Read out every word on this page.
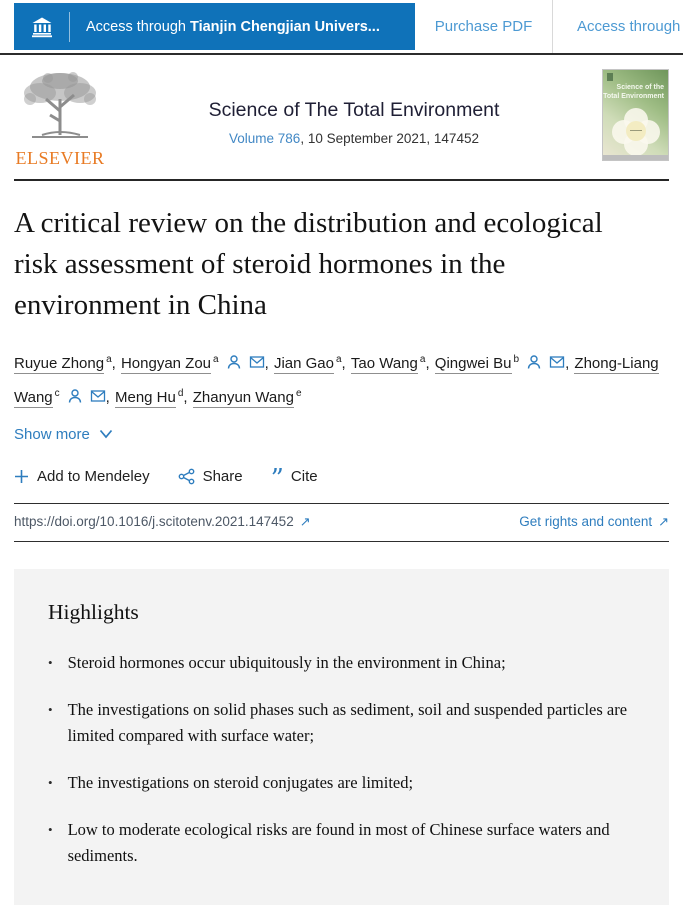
Access through Tianjin Chengjian Univers...	Purchase PDF	Access through
ELSEVIER
Science of The Total Environment
Volume 786, 10 September 2021, 147452
Science of the
Total Environment
A critical review on the distribution and ecological risk assessment of steroid hormones in the environment in China
Ruyue Zhong $^a$, Hongyan Zou $^a$	, Jian Gao $^a$, Tao Wang $^a$, Qingwei Bu $^b$	, Zhong-Liang Wang $^c$	, Meng Hu $^d$, Zhanyun Wang $^e$
Show more
Add to Mendeley	Share ” Cite
https://doi.org/10.1016/j.scitotenv.2021.147452 ↗	Get rights and content ↗
Highlights
• Steroid hormones occur ubiquitously in the environment in China;
• The investigations on solid phases such as sediment, soil and suspended particles are limited compared with surface water;
• The investigations on steroid conjugates are limited;
• Low to moderate ecological risks are found in most of Chinese surface waters and sediments.
